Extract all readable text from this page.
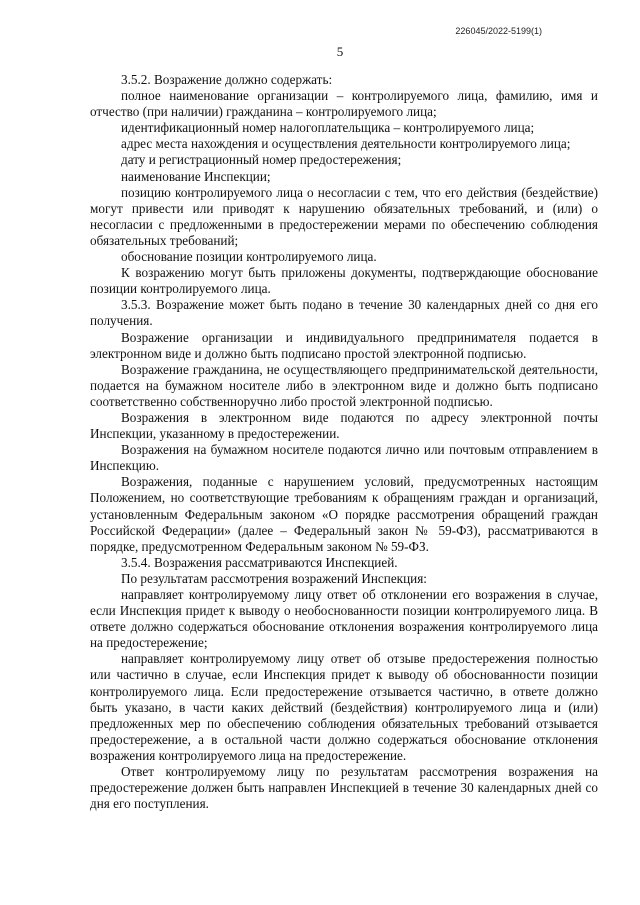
226045/2022-5199(1)
5

3.5.2. Возражение должно содержать:

полное наименование организации – контролируемого лица, фамилию, имя и отчество (при наличии) гражданина – контролируемого лица;

идентификационный номер налогоплательщика – контролируемого лица;

адрес места нахождения и осуществления деятельности контролируемого лица;

дату и регистрационный номер предостережения;

наименование Инспекции;

позицию контролируемого лица о несогласии с тем, что его действия (бездействие) могут привести или приводят к нарушению обязательных требований, и (или) о несогласии с предложенными в предостережении мерами по обеспечению соблюдения обязательных требований;

обоснование позиции контролируемого лица.

К возражению могут быть приложены документы, подтверждающие обоснование позиции контролируемого лица.

3.5.3. Возражение может быть подано в течение 30 календарных дней со дня его получения.

Возражение организации и индивидуального предпринимателя подается в электронном виде и должно быть подписано простой электронной подписью.

Возражение гражданина, не осуществляющего предпринимательской деятельности, подается на бумажном носителе либо в электронном виде и должно быть подписано соответственно собственноручно либо простой электронной подписью.

Возражения в электронном виде подаются по адресу электронной почты Инспекции, указанному в предостережении.

Возражения на бумажном носителе подаются лично или почтовым отправлением в Инспекцию.

Возражения, поданные с нарушением условий, предусмотренных настоящим Положением, но соответствующие требованиям к обращениям граждан и организаций, установленным Федеральным законом «О порядке рассмотрения обращений граждан Российской Федерации» (далее – Федеральный закон № 59-ФЗ), рассматриваются в порядке, предусмотренном Федеральным законом № 59-ФЗ.

3.5.4. Возражения рассматриваются Инспекцией.

По результатам рассмотрения возражений Инспекция:

направляет контролируемому лицу ответ об отклонении его возражения в случае, если Инспекция придет к выводу о необоснованности позиции контролируемого лица. В ответе должно содержаться обоснование отклонения возражения контролируемого лица на предостережение;

направляет контролируемому лицу ответ об отзыве предостережения полностью или частично в случае, если Инспекция придет к выводу об обоснованности позиции контролируемого лица. Если предостережение отзывается частично, в ответе должно быть указано, в части каких действий (бездействия) контролируемого лица и (или) предложенных мер по обеспечению соблюдения обязательных требований отзывается предостережение, а в остальной части должно содержаться обоснование отклонения возражения контролируемого лица на предостережение.

Ответ контролируемому лицу по результатам рассмотрения возражения на предостережение должен быть направлен Инспекцией в течение 30 календарных дней со дня его поступления.
